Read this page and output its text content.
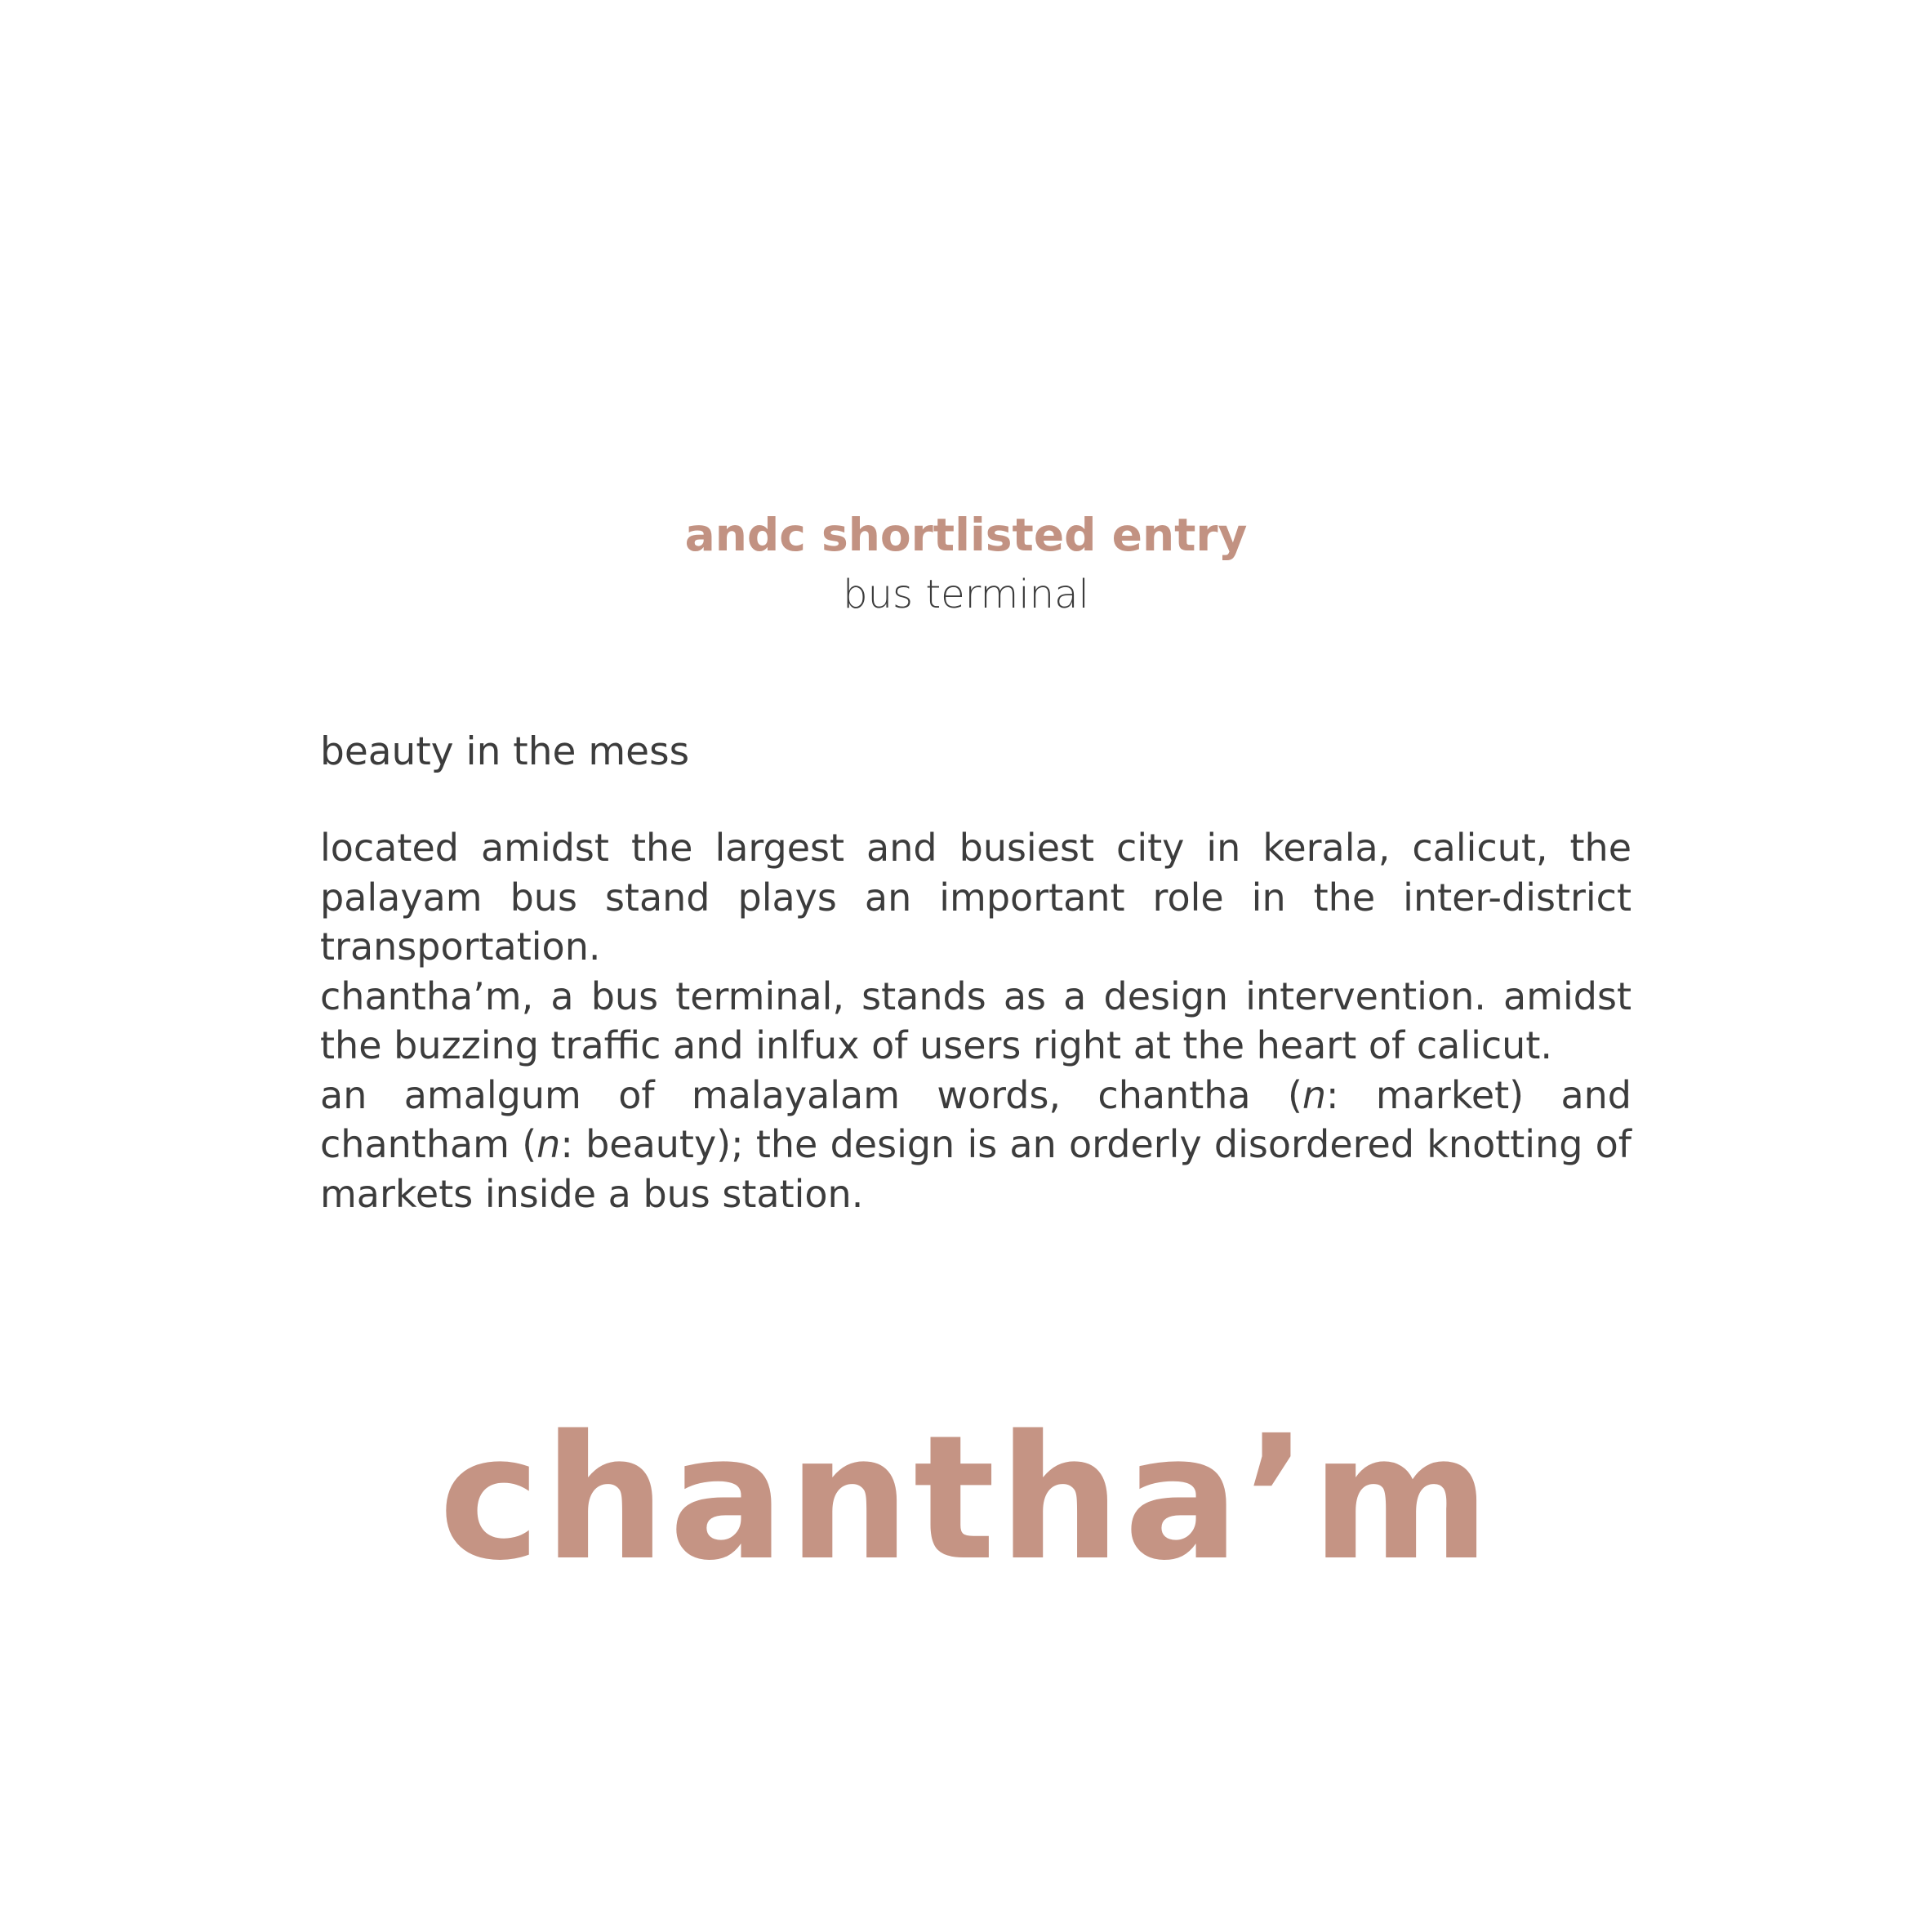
andc shortlisted entry
bus terminal
beauty in the mess

located amidst the largest and busiest city in kerala, calicut, the palayam bus stand plays an important role in the inter-district transportation.

chantha’m, a bus terminal, stands as a design intervention. amidst the buzzing traffic and inlfux of users right at the heart of calicut.

an amalgum of malayalam words, chantha (n: market) and chantham (n: beauty); the design is an orderly disordered knotting of markets inside a bus station.

chantha’m
